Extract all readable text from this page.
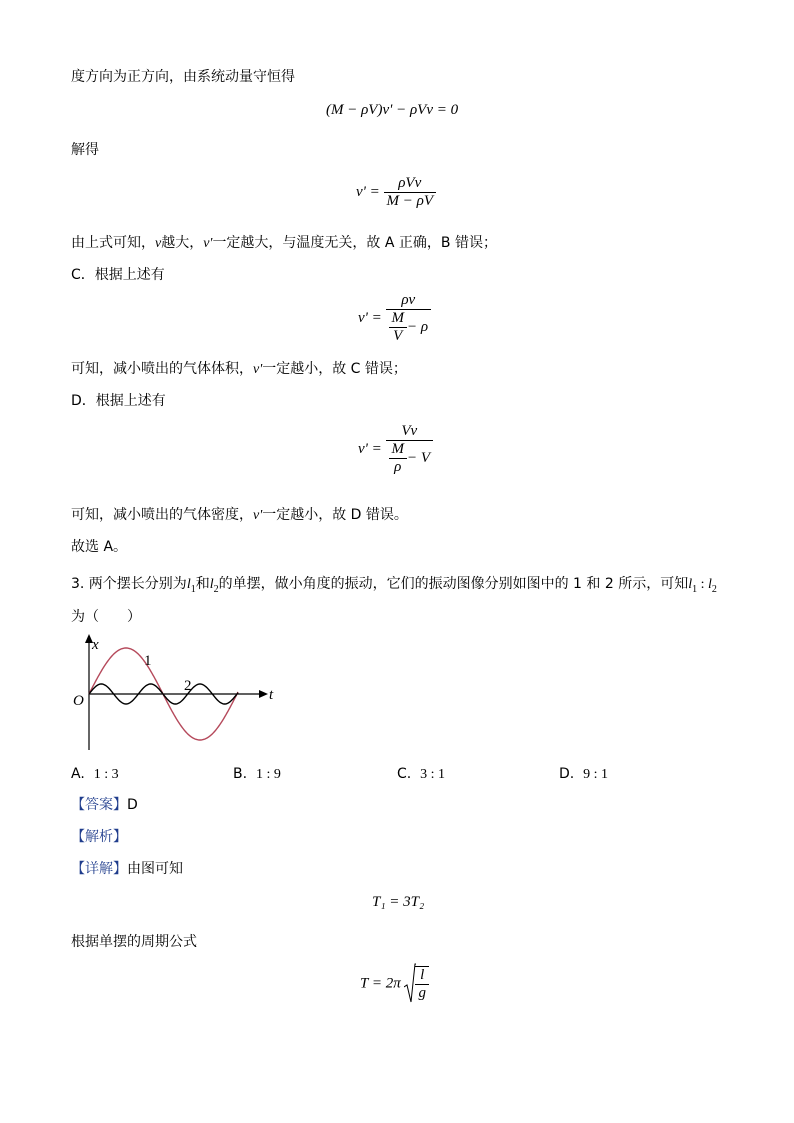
度方向为正方向，由系统动量守恒得
(M − ρV)v' − ρVv = 0
解得
$v' = \frac{\text{ρVv}}{M - \rho V}$
由上式可知，v越大，v'一定越大，与温度无关，故 A 正确，B 错误；
C．根据上述有
$v' = \frac{\rho v}{\frac{M}{V} - \rho}$
可知，减小喷出的气体体积，v'一定越小，故 C 错误；
D．根据上述有
$v' = \frac{Vv}{\frac{M}{\rho} - V}$
可知，减小喷出的气体密度，v'一定越小，故 D 错误。
故选 A。
3. 两个摆长分别为$l_1$和$l_2$的单摆，做小角度的振动，它们的振动图像分别如图中的 1 和 2 所示，可知$l_1$ : $l_2$
为（　　）
x
t
O
1
2
A. 1 : 3	B. 1 : 9	C. 3 : 1	D. 9 : 1
【答案】D
【解析】
【详解】由图可知
T₁ = 3T₂
根据单摆的周期公式
$T = 2\pi \frac{l}{g}$
